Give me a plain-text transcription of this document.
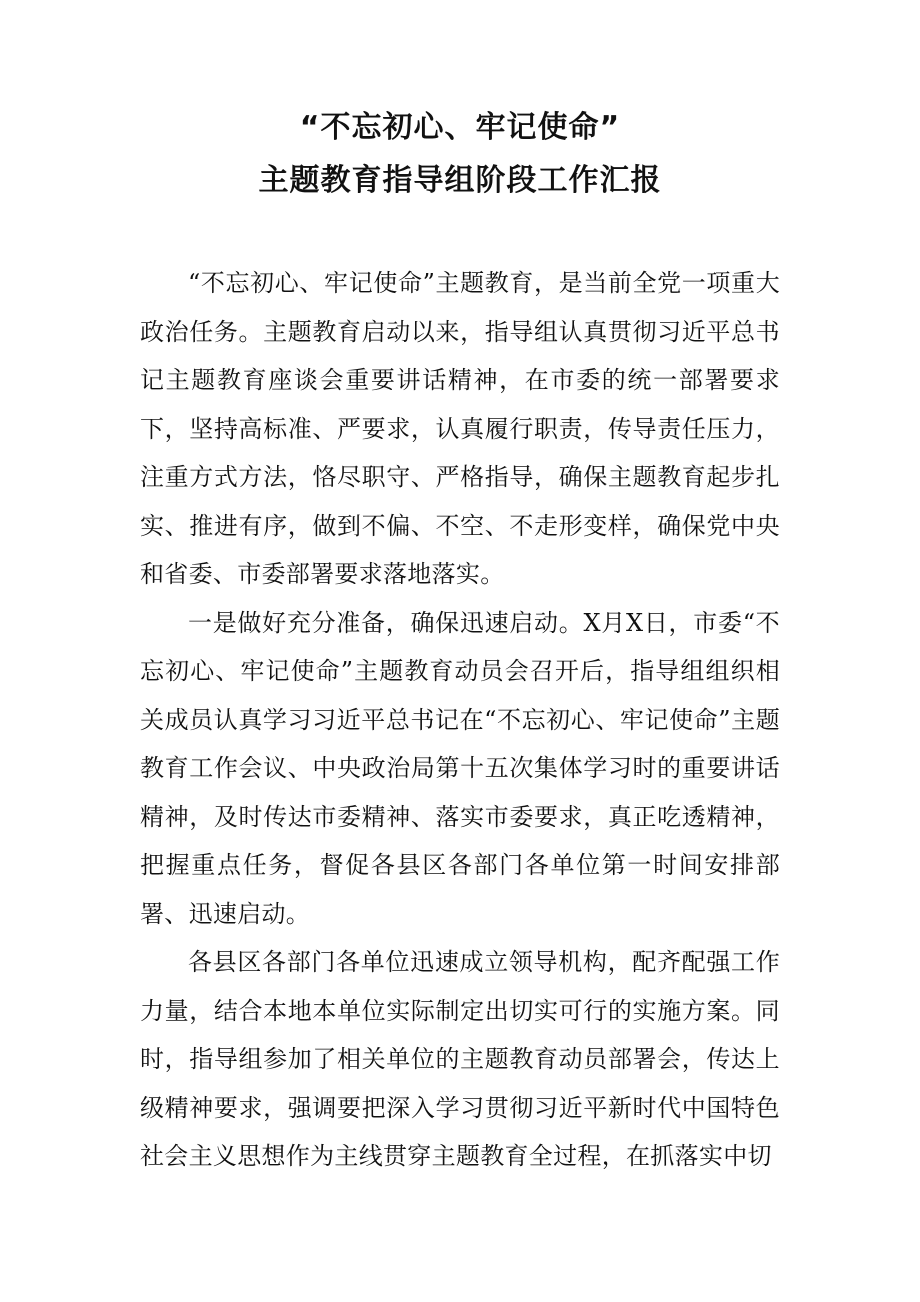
“不忘初心、牢记使命”
主题教育指导组阶段工作汇报

“不忘初心、牢记使命”主题教育，是当前全党一项重大政治任务。主题教育启动以来，指导组认真贯彻习近平总书记主题教育座谈会重要讲话精神，在市委的统一部署要求下，坚持高标准、严要求，认真履行职责，传导责任压力，注重方式方法，恪尽职守、严格指导，确保主题教育起步扎实、推进有序，做到不偏、不空、不走形变样，确保党中央和省委、市委部署要求落地落实。

一是做好充分准备，确保迅速启动。X月X日，市委“不忘初心、牢记使命”主题教育动员会召开后，指导组组织相关成员认真学习习近平总书记在“不忘初心、牢记使命”主题教育工作会议、中央政治局第十五次集体学习时的重要讲话精神，及时传达市委精神、落实市委要求，真正吃透精神，把握重点任务，督促各县区各部门各单位第一时间安排部署、迅速启动。

各县区各部门各单位迅速成立领导机构，配齐配强工作力量，结合本地本单位实际制定出切实可行的实施方案。同时，指导组参加了相关单位的主题教育动员部署会，传达上级精神要求，强调要把深入学习贯彻习近平新时代中国特色社会主义思想作为主线贯穿主题教育全过程，在抓落实中切
